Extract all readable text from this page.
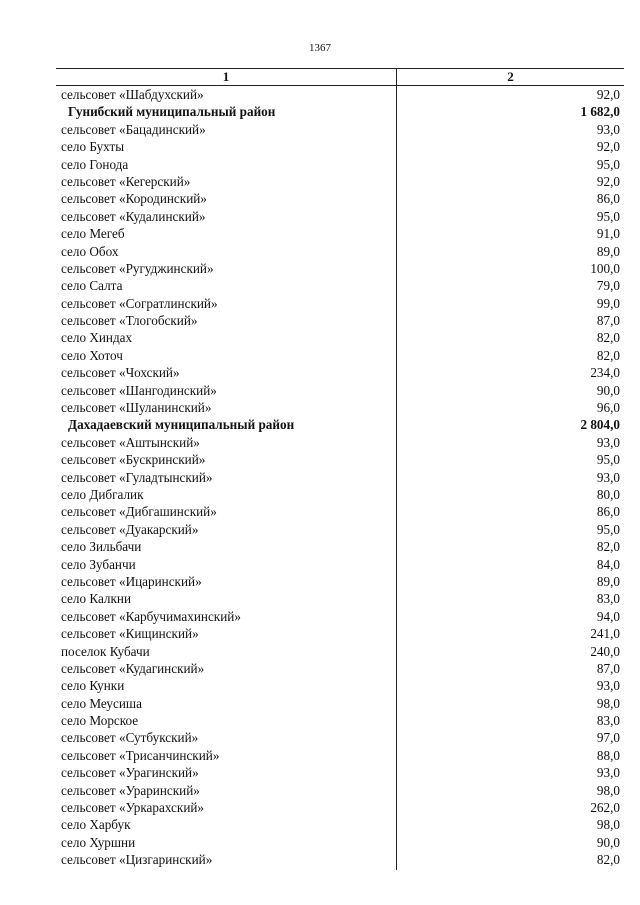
1367
1	2
сельсовет «Шабдухский»	92,0
Гунибский муниципальный район	1 682,0
сельсовет «Бацадинский»	93,0
село Бухты	92,0
село Гонода	95,0
сельсовет «Кегерский»	92,0
сельсовет «Кородинский»	86,0
сельсовет «Кудалинский»	95,0
село Мегеб	91,0
село Обох	89,0
сельсовет «Ругуджинский»	100,0
село Салта	79,0
сельсовет «Согратлинский»	99,0
сельсовет «Тлогобский»	87,0
село Хиндах	82,0
село Хоточ	82,0
сельсовет «Чохский»	234,0
сельсовет «Шангодинский»	90,0
сельсовет «Шуланинский»	96,0
Дахадаевский муниципальный район	2 804,0
сельсовет «Аштынский»	93,0
сельсовет «Бускринский»	95,0
сельсовет «Гуладтынский»	93,0
село Дибгалик	80,0
сельсовет «Дибгашинский»	86,0
сельсовет «Дуакарский»	95,0
село Зильбачи	82,0
село Зубанчи	84,0
сельсовет «Ицаринский»	89,0
село Калкни	83,0
сельсовет «Карбучимахинский»	94,0
сельсовет «Кищинский»	241,0
поселок Кубачи	240,0
сельсовет «Кудагинский»	87,0
село Кунки	93,0
село Меусиша	98,0
село Морское	83,0
сельсовет «Сутбукский»	97,0
сельсовет «Трисанчинский»	88,0
сельсовет «Урагинский»	93,0
сельсовет «Ураринский»	98,0
сельсовет «Уркарахский»	262,0
село Харбук	98,0
село Хуршни	90,0
сельсовет «Цизгаринский»	82,0
